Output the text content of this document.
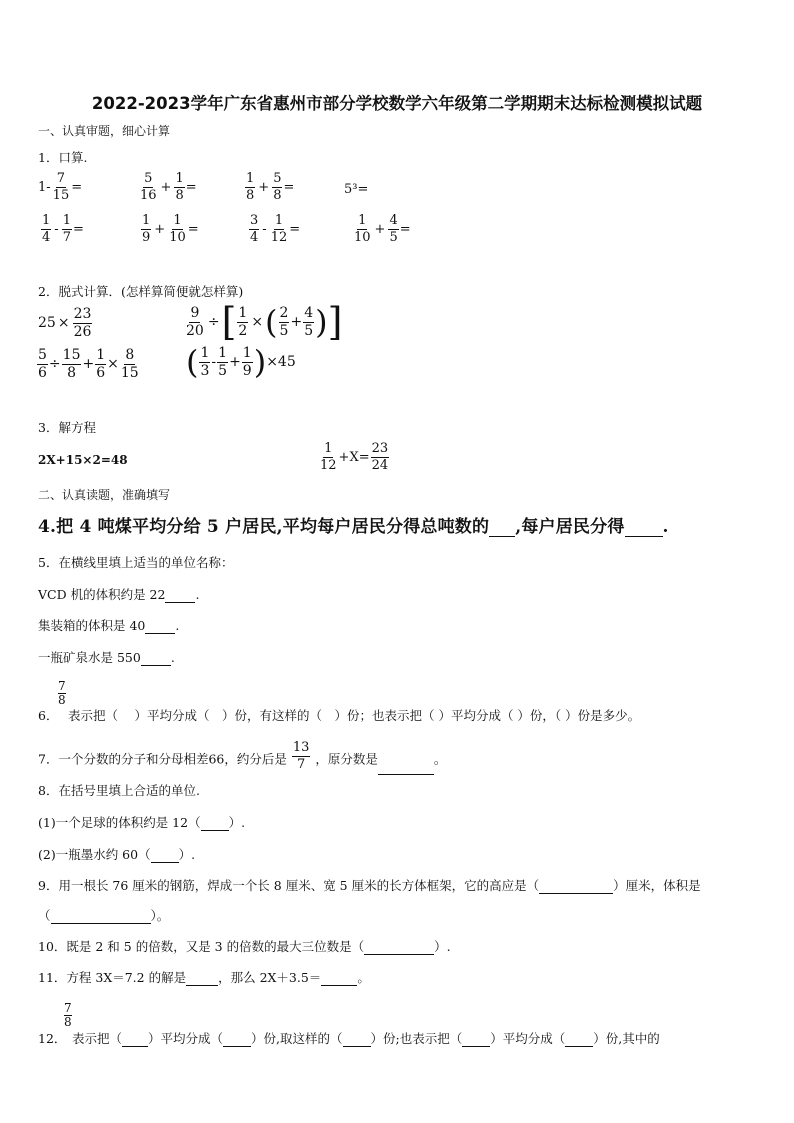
2022-2023学年广东省惠州市部分学校数学六年级第二学期期末达标检测模拟试题
一、认真审题，细心计算
1．口算.
$1- \frac{7}{15}$ =	$\frac{5}{16} + \frac{1}{8}$ =	$\frac{1}{8} + \frac{5}{8}$ =	5³=
$\frac{1}{4} - \frac{1}{7}$ =	$\frac{1}{9} + \frac{1}{10}$ =	$\frac{3}{4} - \frac{1}{12}$ =	$\frac{1}{10} + \frac{4}{5}$ =
2．脱式计算．(怎样算简便就怎样算)
$25 \times \frac{23}{26}$	$\frac{9}{20}$ ÷ [ $\frac{1}{2}$ × ( $\frac{2}{5} + \frac{4}{5}$ ) ]
$\frac{5}{6} \div \frac{15}{8} + \frac{1}{6} \times \frac{8}{15}$ ( $\frac{1}{3} - \frac{1}{5} + \frac{1}{9}$ ) ×45
3．解方程
2X+15×2=48	$\frac{1}{12} +X= \frac{23}{24}$
二、认真读题，准确填写
4.把 4 吨煤平均分给 5 户居民,平均每户居民分得总吨数的 ,每户居民分得 .
5．在横线里填上适当的单位名称：
VCD 机的体积约是 22 .
集装箱的体积是 40 .
一瓶矿泉水是 550 .
7
8
6． 表示把（　 ）平均分成（　）份，有这样的（　）份；也表示把（ ）平均分成（ ）份，（ ）份是多少。
7．一个分数的分子和分母相差66，约分后是 $\frac{13}{7}$ ，原分数是	。
8．在括号里填上合适的单位.
(1)一个足球的体积约是 12（ ）.
(2)一瓶墨水约 60（ ）.
9．用一根长 76 厘米的钢筋，焊成一个长 8 厘米、宽 5 厘米的长方体框架，它的高应是（	）厘米，体积是
（	）。
10．既是 2 和 5 的倍数，又是 3 的倍数的最大三位数是（	）.
11．方程 3X＝7.2 的解是	，那么 2X＋3.5＝	。
7
8
12． 表示把（ ）平均分成（ ）份,取这样的（ ）份;也表示把（ ）平均分成（ ）份,其中的
